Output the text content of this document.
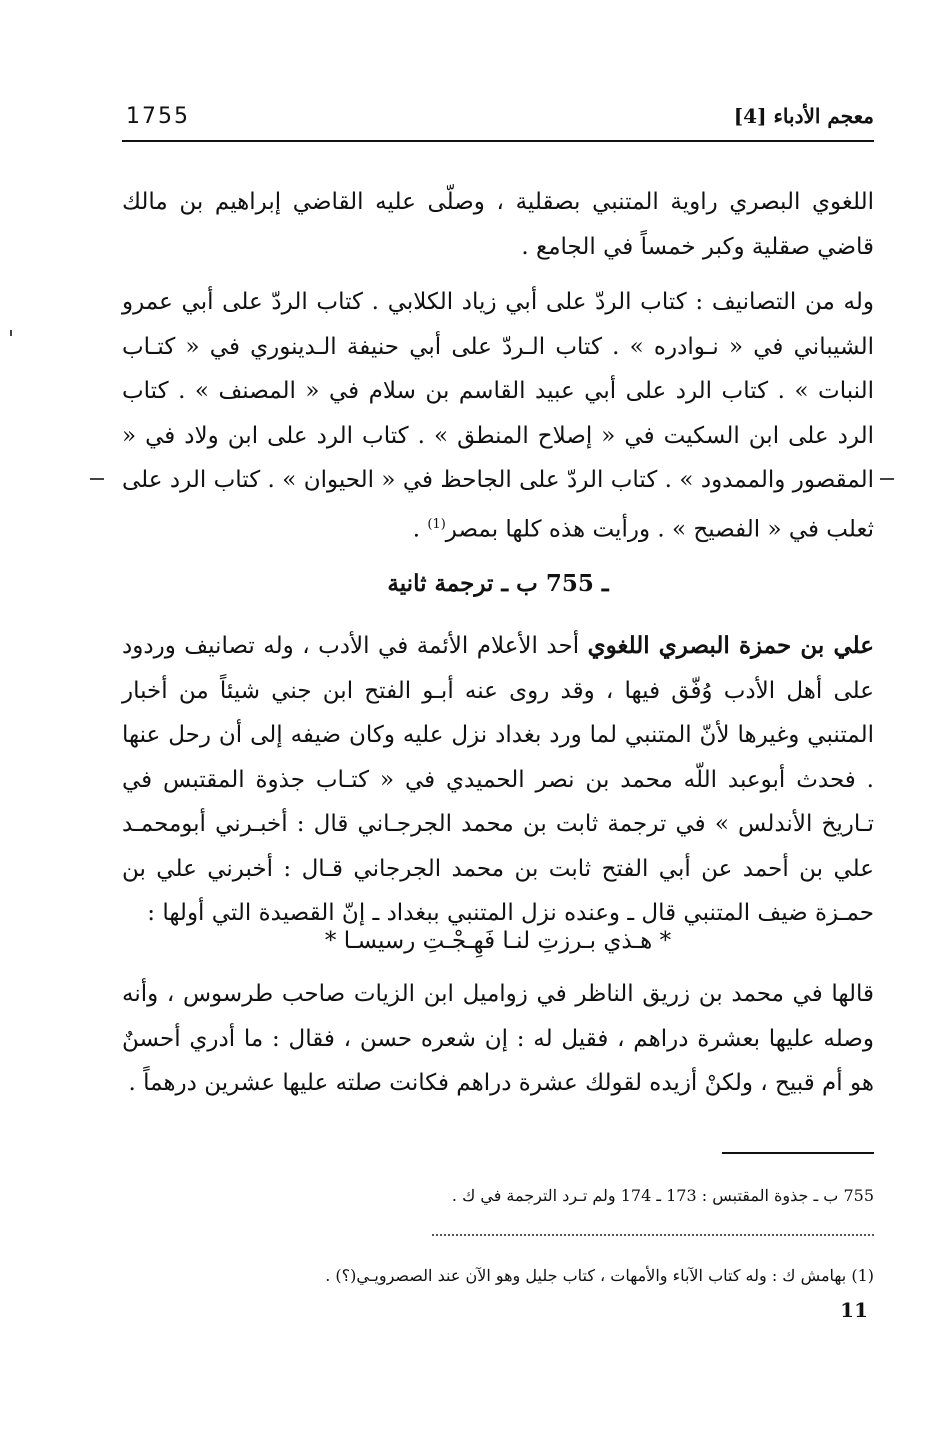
1755	معجم الأدباء [4]

اللغوي البصري راوية المتنبي بصقلية ، وصلّى عليه القاضي إبراهيم بن مالك قاضي صقلية وكبر خمساً في الجامع .

وله من التصانيف : كتاب الردّ على أبي زياد الكلابي . كتاب الردّ على أبي عمرو الشيباني في « نـوادره » . كتاب الـردّ على أبي حنيفة الـدينوري في « كتـاب النبات » . كتاب الرد على أبي عبيد القاسم بن سلام في « المصنف » . كتاب الرد على ابن السكيت في « إصلاح المنطق » . كتاب الرد على ابن ولاد في « المقصور والممدود » . كتاب الردّ على الجاحظ في « الحيوان » . كتاب الرد على ثعلب في « الفصيح » . ورأيت هذه كلها بمصر$^{(1)}$ .

ـ 755 ب ـ ترجمة ثانية

علي بن حمزة البصري اللغوي أحد الأعلام الأئمة في الأدب ، وله تصانيف وردود على أهل الأدب وُفّق فيها ، وقد روى عنه أبـو الفتح ابن جني شيئاً من أخبار المتنبي وغيرها لأنّ المتنبي لما ورد بغداد نزل عليه وكان ضيفه إلى أن رحل عنها . فحدث أبوعبد اللّه محمد بن نصر الحميدي في « كتـاب جذوة المقتبس في تـاريخ الأندلس » في ترجمة ثابت بن محمد الجرجـاني قال : أخبـرني أبومحمـد علي بن أحمد عن أبي الفتح ثابت بن محمد الجرجاني قـال : أخبرني علي بن حمـزة ضيف المتنبي قال ـ وعنده نزل المتنبي ببغداد ـ إنّ القصيدة التي أولها :

* هـذي بـرزتِ لنـا فَهِـجْـتِ رسيسـا *

قالها في محمد بن زريق الناظر في زواميل ابن الزيات صاحب طرسوس ، وأنه وصله عليها بعشرة دراهم ، فقيل له : إن شعره حسن ، فقال : ما أدري أحسنٌ هو أم قبيح ، ولكنْ أزيده لقولك عشرة دراهم فكانت صلته عليها عشرين درهماً .

755 ب ـ جذوة المقتبس : 173 ـ 174 ولم تـرد الترجمة في ك .
(1) بهامش ك : وله كتاب الآباء والأمهات ، كتاب جليل وهو الآن عند الصصرويـي(؟) .
11
